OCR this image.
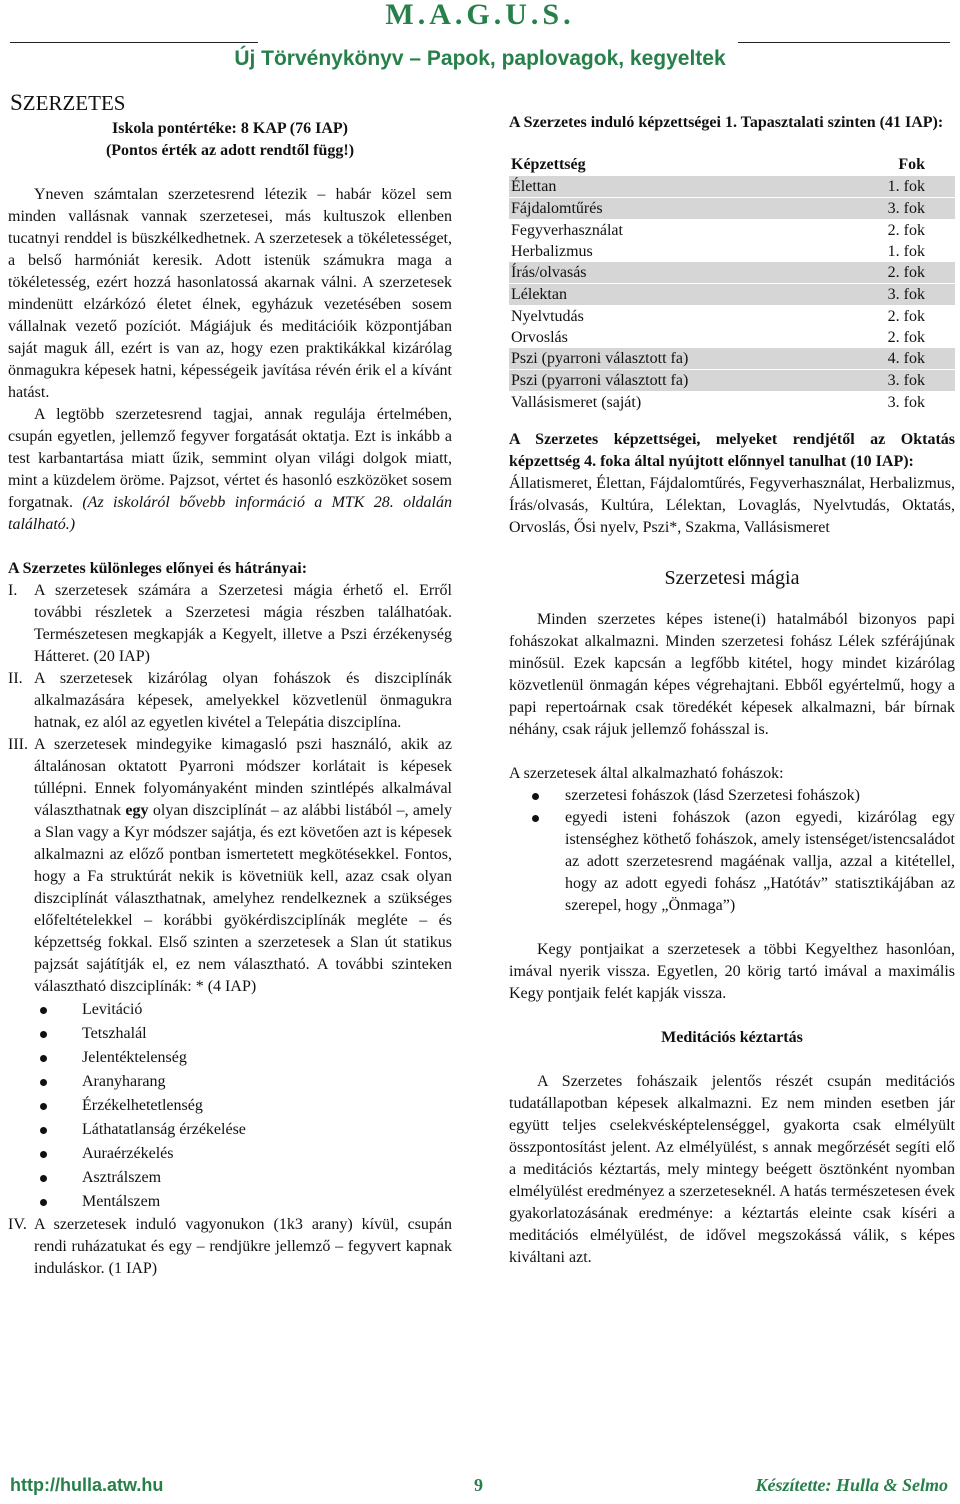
M.A.G.U.S.
Új Törvénykönyv – Papok, paplovagok, kegyeltek
SZERZETES

Iskola pontértéke: 8 KAP (76 IAP)

(Pontos érték az adott rendtől függ!)

Yneven számtalan szerzetesrend létezik – habár közel sem minden vallásnak vannak szerzetesei, más kultuszok ellenben tucatnyi renddel is büszkélkedhetnek. A szerzetesek a tökéletességet, a belső harmóniát keresik. Adott istenük számukra maga a tökéletesség, ezért hozzá hasonlatossá akarnak válni. A szerzetesek mindenütt elzárkózó életet élnek, egyházuk vezetésében sosem vállalnak vezető pozíciót. Mágiájuk és meditációik központjában saját maguk áll, ezért is van az, hogy ezen praktikákkal kizárólag önmagukra képesek hatni, képességeik javítása révén érik el a kívánt hatást.

A legtöbb szerzetesrend tagjai, annak regulája értelmében, csupán egyetlen, jellemző fegyver forgatását oktatja. Ezt is inkább a test karbantartása miatt űzik, semmint olyan világi dolgok miatt, mint a küzdelem öröme. Pajzsot, vértet és hasonló eszközöket sosem forgatnak. (Az iskoláról bővebb információ a MTK 28. oldalán található.)

A Szerzetes különleges előnyei és hátrányai:

I.	A szerzetesek számára a Szerzetesi mágia érhető el. Erről további részletek a Szerzetesi mágia részben találhatóak. Természetesen megkapják a Kegyelt, illetve a Pszi érzékenység Hátteret. (20 IAP)
II. A szerzetesek kizárólag olyan fohászok és diszciplínák alkalmazására képesek, amelyekkel közvetlenül önmagukra hatnak, ez alól az egyetlen kivétel a Telepátia diszciplína.
III. A szerzetesek mindegyike kimagasló pszi használó, akik az általánosan oktatott Pyarroni módszer korlátait is képesek túllépni. Ennek folyományaként minden szintlépés alkalmával választhatnak egy olyan diszciplínát – az alábbi listából –, amely a Slan vagy a Kyr módszer sajátja, és ezt követően azt is képesek alkalmazni az előző pontban ismertetett megkötésekkel. Fontos, hogy a Fa struktúrát nekik is követniük kell, azaz csak olyan diszciplínát választhatnak, amelyhez rendelkeznek a szükséges előfeltételekkel – korábbi gyökérdiszciplínák megléte – és képzettség fokkal. Első szinten a szerzetesek a Slan út statikus pajzsát sajátítják el, ez nem választható. A további szinteken választható diszciplínák: * (4 IAP)
Levitáció
Tetszhalál
Jelentéktelenség
Aranyharang
Érzékelhetetlenség
Láthatatlanság érzékelése
Auraérzékelés
Asztrálszem
Mentálszem
IV. A szerzetesek induló vagyonukon (1k3 arany) kívül, csupán rendi ruházatukat és egy – rendjükre jellemző – fegyvert kapnak induláskor. (1 IAP)

A Szerzetes induló képzettségei 1. Tapasztalati szinten (41 IAP):

Képzettség	Fok
Élettan	1. fok
Fájdalomtűrés	3. fok
Fegyverhasználat	2. fok
Herbalizmus	1. fok
Írás/olvasás	2. fok
Lélektan	3. fok
Nyelvtudás	2. fok
Orvoslás	2. fok
Pszi (pyarroni választott fa)	4. fok
Pszi (pyarroni választott fa)	3. fok
Vallásismeret (saját)	3. fok

A Szerzetes képzettségei, melyeket rendjétől az Oktatás képzettség 4. foka által nyújtott előnnyel tanulhat (10 IAP):

Állatismeret, Élettan, Fájdalomtűrés, Fegyverhasználat, Herbalizmus, Írás/olvasás, Kultúra, Lélektan, Lovaglás, Nyelvtudás, Oktatás, Orvoslás, Ősi nyelv, Pszi*, Szakma, Vallásismeret

Szerzetesi mágia

Minden szerzetes képes istene(i) hatalmából bizonyos papi fohászokat alkalmazni. Minden szerzetesi fohász Lélek szférájúnak minősül. Ezek kapcsán a legfőbb kitétel, hogy mindet kizárólag közvetlenül önmagán képes végrehajtani. Ebből egyértelmű, hogy a papi repertoárnak csak töredékét képesek alkalmazni, bár bírnak néhány, csak rájuk jellemző fohásszal is.

A szerzetesek által alkalmazható fohászok:

szerzetesi fohászok (lásd Szerzetesi fohászok)
egyedi isteni fohászok (azon egyedi, kizárólag egy istenséghez köthető fohászok, amely istenséget/istencsaládot az adott szerzetesrend magáénak vallja, azzal a kitétellel, hogy az adott egyedi fohász „Hatótáv” statisztikájában az szerepel, hogy „Önmaga”)

Kegy pontjaikat a szerzetesek a többi Kegyelthez hasonlóan, imával nyerik vissza. Egyetlen, 20 körig tartó imával a maximális Kegy pontjaik felét kapják vissza.

Meditációs kéztartás

A Szerzetes fohászaik jelentős részét csupán meditációs tudatállapotban képesek alkalmazni. Ez nem minden esetben jár együtt teljes cselekvésképtelenséggel, gyakorta csak elmélyült összpontosítást jelent. Az elmélyülést, s annak megőrzését segíti elő a meditációs kéztartás, mely mintegy beégett ösztönként nyomban elmélyülést eredményez a szerzeteseknél. A hatás természetesen évek gyakorlatozásának eredménye: a kéztartás eleinte csak kíséri a meditációs elmélyülést, de idővel megszokássá válik, s képes kiváltani azt.

http://hulla.atw.hu	9	Készítette: Hulla & Selmo
